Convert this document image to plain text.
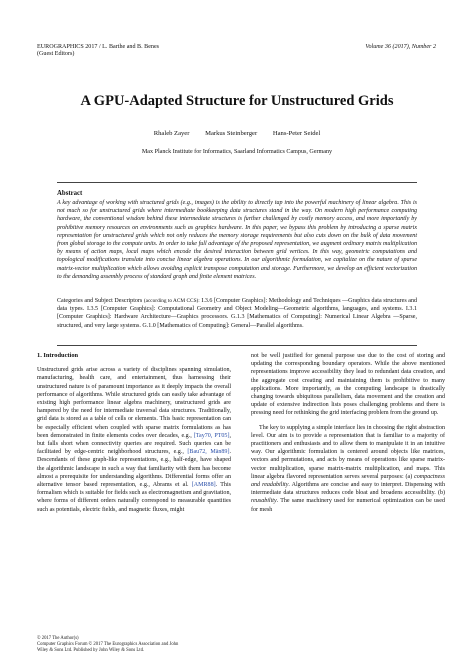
EUROGRAPHICS 2017 / L. Barthe and B. Benes
(Guest Editors)
Volume 36 (2017), Number 2
A GPU-Adapted Structure for Unstructured Grids
Rhaleb Zayer Markus Steinberger Hans-Peter Seidel
Max Planck Institute for Informatics, Saarland Informatics Campus, Germany
Abstract
A key advantage of working with structured grids (e.g., images) is the ability to directly tap into the powerful machinery of linear algebra. This is not much so for unstructured grids where intermediate bookkeeping data structures stand in the way. On modern high performance computing hardware, the conventional wisdom behind these intermediate structures is further challenged by costly memory access, and more importantly by prohibitive memory resources on environments such as graphics hardware. In this paper, we bypass this problem by introducing a sparse matrix representation for unstructured grids which not only reduces the memory storage requirements but also cuts down on the bulk of data movement from global storage to the compute units. In order to take full advantage of the proposed representation, we augment ordinary matrix multiplication by means of action maps, local maps which encode the desired interaction between grid vertices. In this way, geometric computations and topological modifications translate into concise linear algebra operations. In our algorithmic formulation, we capitalize on the nature of sparse matrix-vector multiplication which allows avoiding explicit transpose computation and storage. Furthermore, we develop an efficient vectorization to the demanding assembly process of standard graph and finite element matrices.
Categories and Subject Descriptors (according to ACM CCS): I.3.6 [Computer Graphics]: Methodology and Techniques —Graphics data structures and data types. I.3.5 [Computer Graphics]: Computational Geometry and Object Modeling—Geometric algorithms, languages, and systems. I.3.1 [Computer Graphics]: Hardware Architecture—Graphics processors. G.1.3 [Mathematics of Computing]: Numerical Linear Algebra —Sparse, structured, and very large systems. G.1.0 [Mathematics of Computing]: General—Parallel algorithms.
1. Introduction

Unstructured grids arise across a variety of disciplines spanning simulation, manufacturing, health care, and entertainment, thus harnessing their unstructured nature is of paramount importance as it deeply impacts the overall performance of algorithms. While structured grids can easily take advantage of existing high performance linear algebra machinery, unstructured grids are hampered by the need for intermediate traversal data structures. Traditionally, grid data is stored as a table of cells or elements. This basic representation can be especially efficient when coupled with sparse matrix formulations as has been demonstrated in finite elements codes over decades, e.g., [Tay70, PT05], but falls short when connectivity queries are required. Such queries can be facilitated by edge-centric neighborhood structures, e.g., [Bau72, Män89]. Descendants of these graph-like representations, e.g., half-edge, have shaped the algorithmic landscape in such a way that familiarity with them has become almost a prerequisite for understanding algorithms. Differential forms offer an alternative tensor based representation, e.g., Abrams et al. [AMR88]. This formalism which is suitable for fields such as electromagnetism and gravitation, where forms of different orders naturally correspond to measurable quantities such as potentials, electric fields, and magnetic fluxes, might

not be well justified for general purpose use due to the cost of storing and updating the corresponding boundary operators. While the above mentioned representations improve accessibility they lead to redundant data creation, and the aggregate cost creating and maintaining them is prohibitive to many applications. More importantly, as the computing landscape is drastically changing towards ubiquitous parallelism, data movement and the creation and update of extensive indirection lists poses challenging problems and there is pressing need for rethinking the grid interfacing problem from the ground up.

The key to supplying a simple interface lies in choosing the right abstraction level. Our aim is to provide a representation that is familiar to a majority of practitioners and enthusiasts and to allow them to manipulate it in an intuitive way. Our algorithmic formulation is centered around objects like matrices, vectors and permutations, and acts by means of operations like sparse matrix-vector multiplication, sparse matrix-matrix multiplication, and maps. This linear algebra flavored representation serves several purposes: (a) compactness and readability. Algorithms are concise and easy to interpret. Dispensing with intermediate data structures reduces code bloat and broadens accessibility. (b) reusability. The same machinery used for numerical optimization can be used for mesh

© 2017 The Author(s)
Computer Graphics Forum © 2017 The Eurographics Association and John
Wiley & Sons Ltd. Published by John Wiley & Sons Ltd.
